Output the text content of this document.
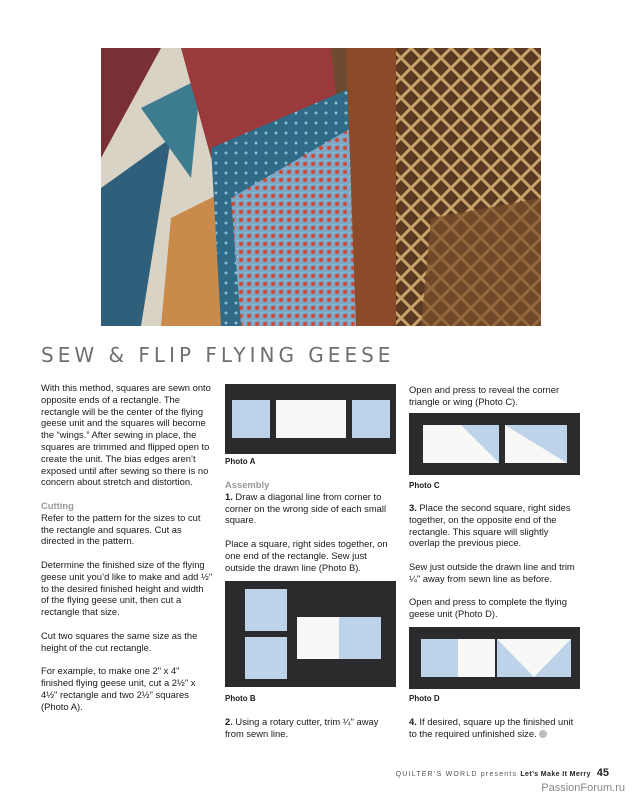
SEW & FLIP FLYING GEESE

With this method, squares are sewn onto opposite ends of a rectangle. The rectangle will be the center of the flying geese unit and the squares will become the “wings.” After sewing in place, the squares are trimmed and flipped open to create the unit. The bias edges aren’t exposed until after sewing so there is no concern about stretch and distortion.

Cutting

Refer to the pattern for the sizes to cut the rectangle and squares. Cut as directed in the pattern.

Determine the finished size of the flying geese unit you’d like to make and add ½" to the desired finished height and width of the flying geese unit, then cut a rectangle that size.

Cut two squares the same size as the height of the cut rectangle.

For example, to make one 2" x 4" finished flying geese unit, cut a 2½" x 4½" rectangle and two 2½" squares (Photo A).

Photo A
Assembly

1. Draw a diagonal line from corner to corner on the wrong side of each small square.

Place a square, right sides together, on one end of the rectangle. Sew just outside the drawn line (Photo B).

Photo B

2. Using a rotary cutter, trim ¼" away from sewn line.

Open and press to reveal the corner triangle or wing (Photo C).

Photo C

3. Place the second square, right sides together, on the opposite end of the rectangle. This square will slightly overlap the previous piece.

Sew just outside the drawn line and trim ¼" away from sewn line as before.

Open and press to complete the flying geese unit (Photo D).

Photo D

4. If desired, square up the finished unit to the required unfinished size.

QUILTER’S WORLD presents Let’s Make It Merry 45
PassionForum.ru
